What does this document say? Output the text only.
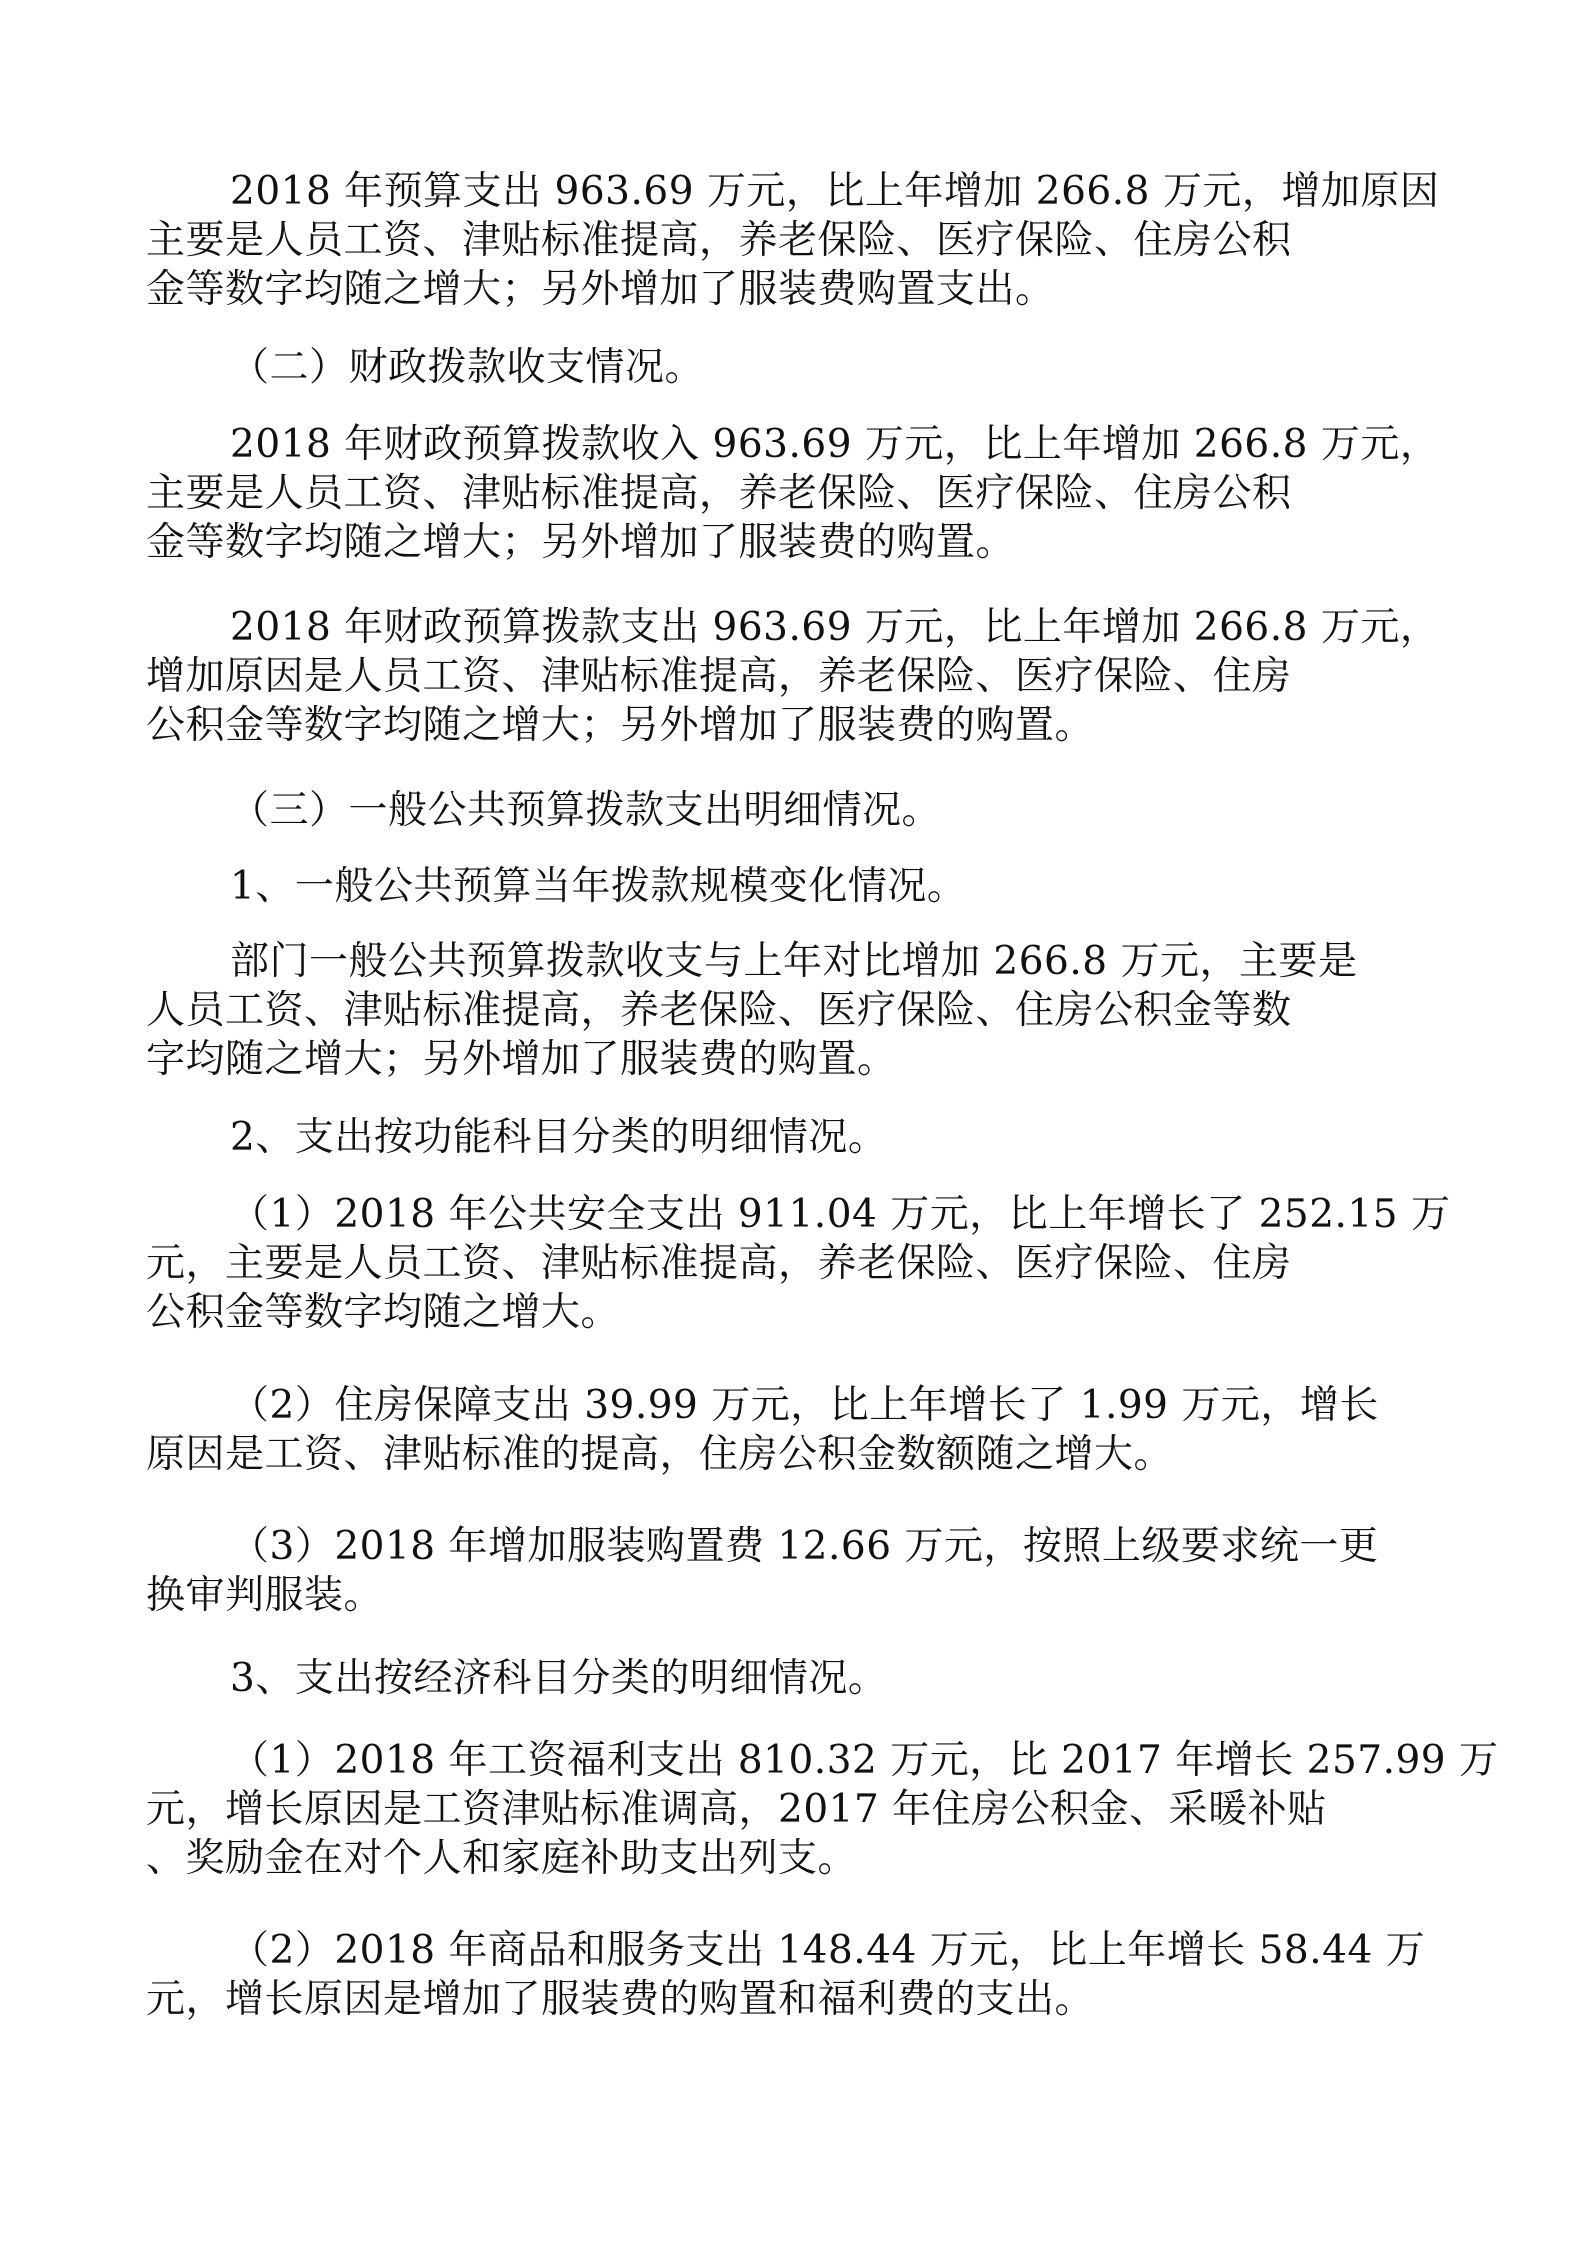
2018 年预算支出 963.69 万元，比上年增加 266.8 万元，增加原因
主要是人员工资、津贴标准提高，养老保险、医疗保险、住房公积
金等数字均随之增大；另外增加了服装费购置支出。
（二）财政拨款收支情况。
2018 年财政预算拨款收入 963.69 万元，比上年增加 266.8 万元，
主要是人员工资、津贴标准提高，养老保险、医疗保险、住房公积
金等数字均随之增大；另外增加了服装费的购置。
2018 年财政预算拨款支出 963.69 万元，比上年增加 266.8 万元，
增加原因是人员工资、津贴标准提高，养老保险、医疗保险、住房
公积金等数字均随之增大；另外增加了服装费的购置。
（三）一般公共预算拨款支出明细情况。
1、一般公共预算当年拨款规模变化情况。
部门一般公共预算拨款收支与上年对比增加 266.8 万元，主要是
人员工资、津贴标准提高，养老保险、医疗保险、住房公积金等数
字均随之增大；另外增加了服装费的购置。
2、支出按功能科目分类的明细情况。
（1）2018 年公共安全支出 911.04 万元，比上年增长了 252.15 万
元，主要是人员工资、津贴标准提高，养老保险、医疗保险、住房
公积金等数字均随之增大。
（2）住房保障支出 39.99 万元，比上年增长了 1.99 万元，增长
原因是工资、津贴标准的提高，住房公积金数额随之增大。
（3）2018 年增加服装购置费 12.66 万元，按照上级要求统一更
换审判服装。
3、支出按经济科目分类的明细情况。
（1）2018 年工资福利支出 810.32 万元，比 2017 年增长 257.99 万
元，增长原因是工资津贴标准调高，2017 年住房公积金、采暖补贴
、奖励金在对个人和家庭补助支出列支。
（2）2018 年商品和服务支出 148.44 万元，比上年增长 58.44 万
元，增长原因是增加了服装费的购置和福利费的支出。
